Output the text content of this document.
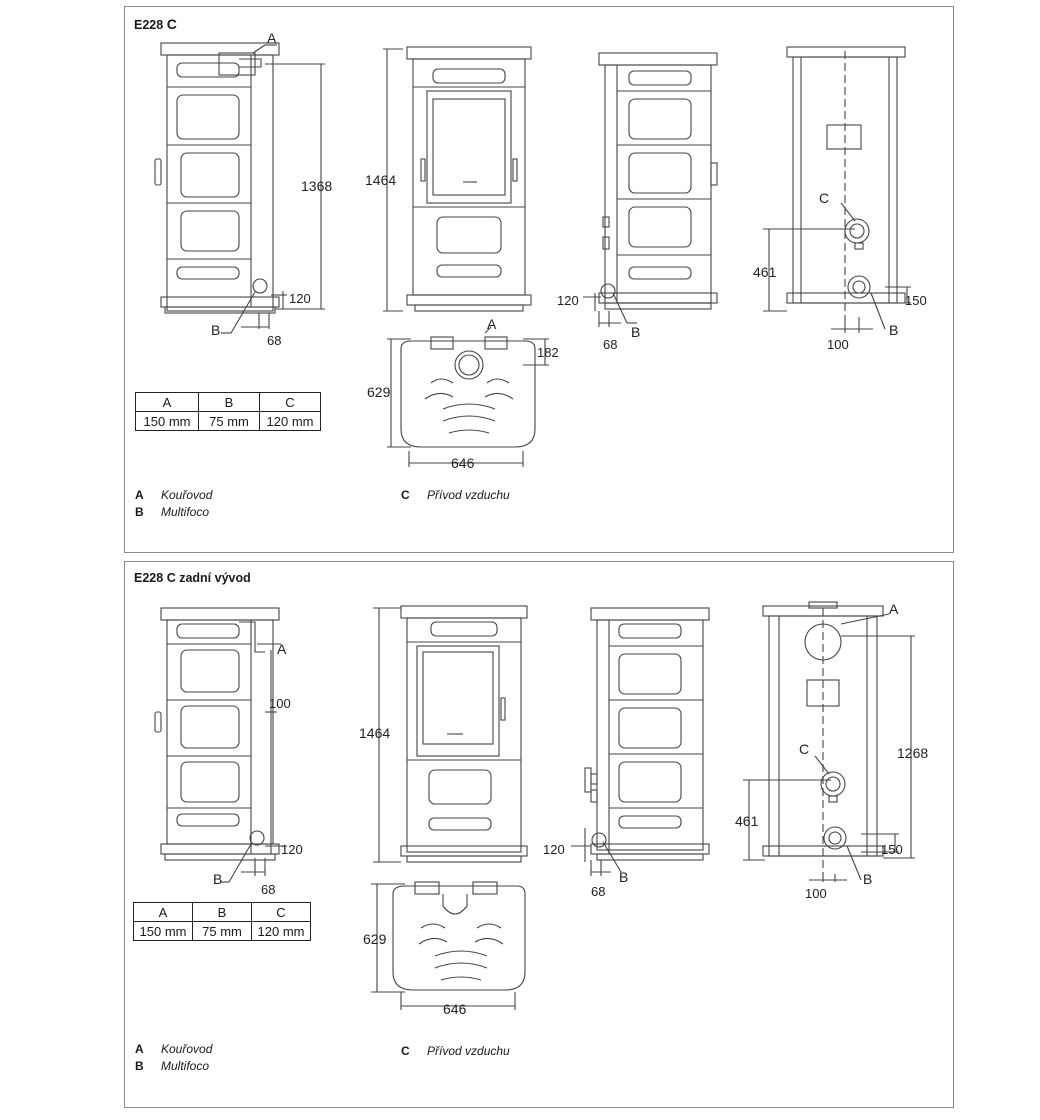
E228 C
1368
120
68
A
B
1464
629
646
182
A
120
68
B
461
150
100
C
B
A	B	C
150 mm	75 mm	120 mm
A Kouřovod
B Multifoco
C Přívod vzduchu
E228 C zadní vývod
100
120
68
A
B
1464
629
646
120
68
B
A
1268
461
150
100
C
B
A	B	C
150 mm	75 mm	120 mm
A Kouřovod
B Multifoco
C Přívod vzduchu
